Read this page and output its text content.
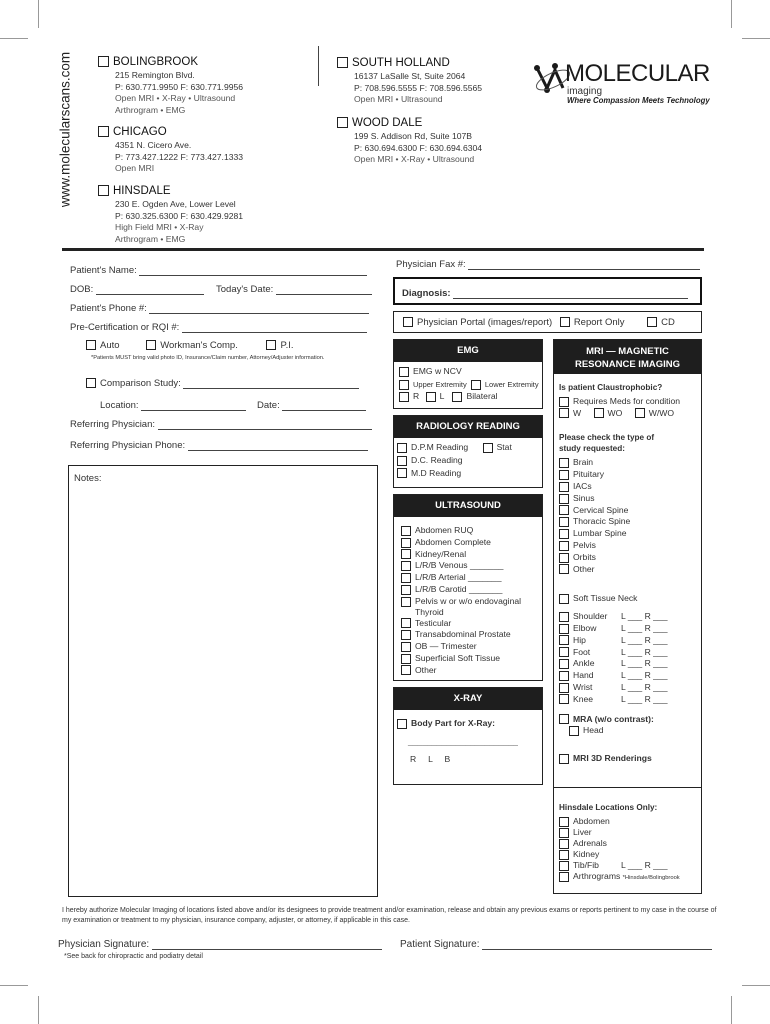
www.molecularscans.com	BOLINGBROOK
215 Remington Blvd.
P: 630.771.9950 F: 630.771.9956
Open MRI • X-Ray • Ultrasound
Arthrogram • EMG
CHICAGO
4351 N. Cicero Ave.
P: 773.427.1222 F: 773.427.1333
Open MRI
HINSDALE
230 E. Ogden Ave, Lower Level
P: 630.325.6300 F: 630.429.9281
High Field MRI • X-Ray
Arthrogram • EMG
SOUTH HOLLAND
16137 LaSalle St, Suite 2064
P: 708.596.5555 F: 708.596.5565
Open MRI • Ultrasound
WOOD DALE
199 S. Addison Rd, Suite 107B
P: 630.694.6300 F: 630.694.6304
Open MRI • X-Ray • Ultrasound
MOLECULAR
imaging
Where Compassion Meets Technology
Patient's Name:
DOB:	Today's Date:
Patient's Phone #:
Pre-Certification or RQI #:
Auto	Workman's Comp.	P.I.
*Patients MUST bring valid photo ID, Insurance/Claim number, Attorney/Adjuster information.
Comparison Study:
Location:	Date:
Referring Physician:
Referring Physician Phone:
Notes:
Physician Fax #:
Diagnosis:
Physician Portal (images/report) Report Only	CD
EMG
EMG w NCV
Upper Extremity Lower Extremity
R L	Bilateral
RADIOLOGY READING
D.P.M Reading	Stat
D.C. Reading
M.D Reading
ULTRASOUND
Abdomen RUQ
Abdomen Complete
Kidney/Renal
L/R/B Venous _______
L/R/B Arterial _______
L/R/B Carotid _______
Pelvis w or w/o endovaginal
Thyroid
Testicular
Transabdominal Prostate
OB — Trimester
Superficial Soft Tissue
Other
X-RAY
Body Part for X-Ray:
_______________________
R     L     B
MRI — MAGNETIC
RESONANCE IMAGING
Is patient Claustrophobic?
Requires Meds for condition
W	WO	W/WO
Please check the type of
study requested:
Brain
Pituitary
IACs
Sinus
Cervical Spine
Thoracic Spine
Lumbar Spine
Pelvis
Orbits
Other
Soft Tissue Neck
Shoulder L ___ R ___
Elbow	L ___ R ___
Hip	L ___ R ___
Foot	L ___ R ___
Ankle	L ___ R ___
Hand	L ___ R ___
Wrist	L ___ R ___
Knee	L ___ R ___
MRA (w/o contrast):
Head
MRI 3D Renderings
Hinsdale Locations Only:
Abdomen
Liver
Adrenals
Kidney
Tib/Fib	L ___ R ___
Arthrograms *Hinsdale/Bolingbrook
I hereby authorize Molecular Imaging of locations listed above and/or its designees to provide treatment and/or examination, release and obtain any previous exams or reports pertinent to my case in the course of my examination or treatment to my physician, insurance company, adjuster, or attorney, if applicable in this case.
Physician Signature:	Patient Signature:
*See back for chiropractic and podiatry detail
